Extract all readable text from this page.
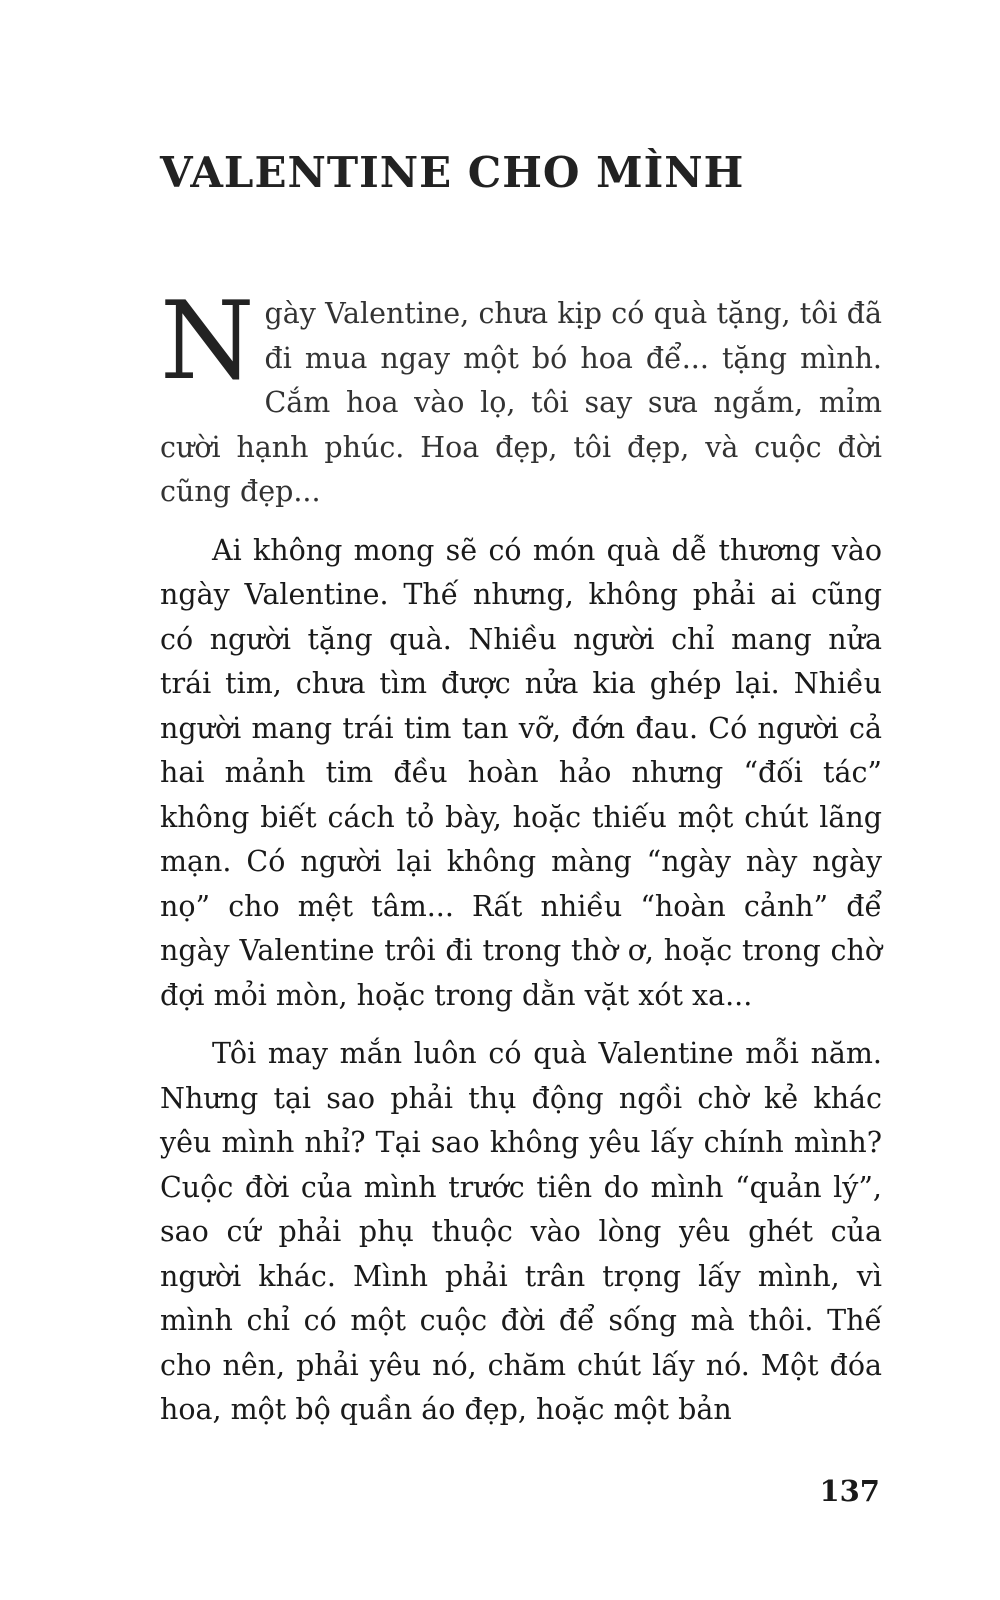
VALENTINE CHO MÌNH

Ngày Valentine, chưa kịp có quà tặng, tôi đã đi mua ngay một bó hoa để... tặng mình. Cắm hoa vào lọ, tôi say sưa ngắm, mỉm cười hạnh phúc. Hoa đẹp, tôi đẹp, và cuộc đời cũng đẹp...

Ai không mong sẽ có món quà dễ thương vào ngày Valentine. Thế nhưng, không phải ai cũng có người tặng quà. Nhiều người chỉ mang nửa trái tim, chưa tìm được nửa kia ghép lại. Nhiều người mang trái tim tan vỡ, đớn đau. Có người cả hai mảnh tim đều hoàn hảo nhưng “đối tác” không biết cách tỏ bày, hoặc thiếu một chút lãng mạn. Có người lại không màng “ngày này ngày nọ” cho mệt tâm... Rất nhiều “hoàn cảnh” để ngày Valentine trôi đi trong thờ ơ, hoặc trong chờ đợi mỏi mòn, hoặc trong dằn vặt xót xa...

Tôi may mắn luôn có quà Valentine mỗi năm. Nhưng tại sao phải thụ động ngồi chờ kẻ khác yêu mình nhỉ? Tại sao không yêu lấy chính mình? Cuộc đời của mình trước tiên do mình “quản lý”, sao cứ phải phụ thuộc vào lòng yêu ghét của người khác. Mình phải trân trọng lấy mình, vì mình chỉ có một cuộc đời để sống mà thôi. Thế cho nên, phải yêu nó, chăm chút lấy nó. Một đóa hoa, một bộ quần áo đẹp, hoặc một bản

137
